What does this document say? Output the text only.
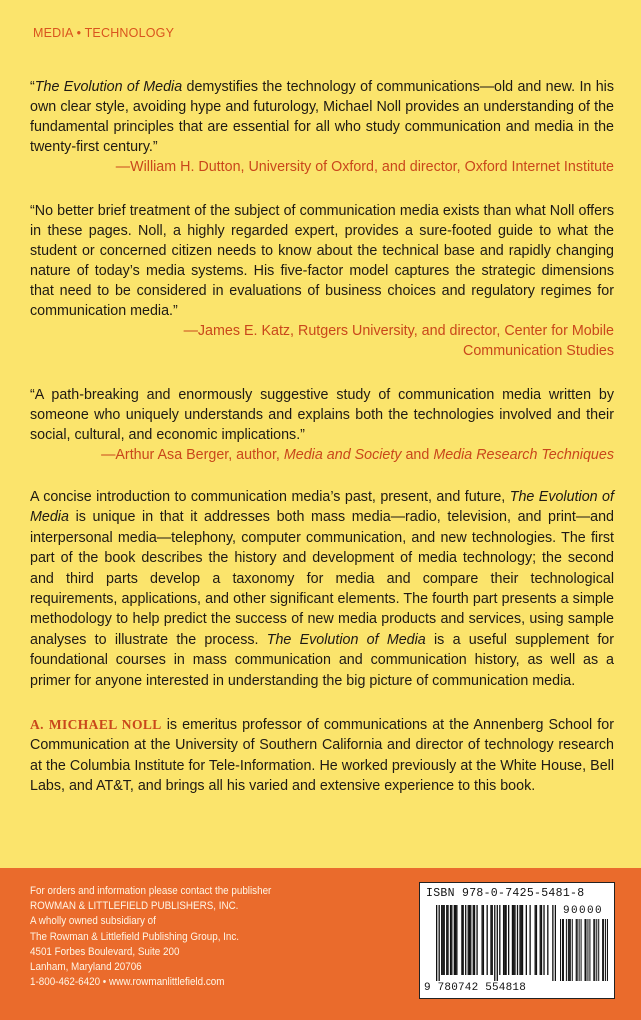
MEDIA • TECHNOLOGY

“The Evolution of Media demystifies the technology of communications—old and new. In his own clear style, avoiding hype and futurology, Michael Noll provides an understanding of the fundamental principles that are essential for all who study communication and media in the twenty-first century.”

—William H. Dutton, University of Oxford, and director, Oxford Internet Institute

“No better brief treatment of the subject of communication media exists than what Noll offers in these pages. Noll, a highly regarded expert, provides a sure-footed guide to what the student or concerned citizen needs to know about the technical base and rapidly changing nature of today’s media systems. His five-factor model captures the strategic dimensions that need to be considered in evaluations of business choices and regulatory regimes for communication media.”

—James E. Katz, Rutgers University, and director, Center for Mobile
Communication Studies

“A path-breaking and enormously suggestive study of communication media written by someone who uniquely understands and explains both the technologies involved and their social, cultural, and economic implications.”

—Arthur Asa Berger, author, Media and Society and Media Research Techniques

A concise introduction to communication media’s past, present, and future, The Evolution of Media is unique in that it addresses both mass media—radio, television, and print—and interpersonal media—telephony, computer communication, and new technologies. The first part of the book describes the history and development of media technology; the second and third parts develop a taxonomy for media and compare their technological requirements, applications, and other significant elements. The fourth part presents a simple methodology to help predict the success of new media products and services, using sample analyses to illustrate the process. The Evolution of Media is a useful supplement for foundational courses in mass communication and communication history, as well as a primer for anyone interested in understanding the big picture of communication media.

A. MICHAEL NOLL is emeritus professor of communications at the Annenberg School for Communication at the University of Southern California and director of technology research at the Columbia Institute for Tele-Information. He worked previously at the White House, Bell Labs, and AT&T, and brings all his varied and extensive experience to this book.

For orders and information please contact the publisher
ROWMAN & LITTLEFIELD PUBLISHERS, INC.
A wholly owned subsidiary of
The Rowman & Littlefield Publishing Group, Inc.
4501 Forbes Boulevard, Suite 200
Lanham, Maryland 20706
1-800-462-6420 • www.rowmanlittlefield.com
ISBN 978-0-7425-5481-8
90000
9 780742 554818
